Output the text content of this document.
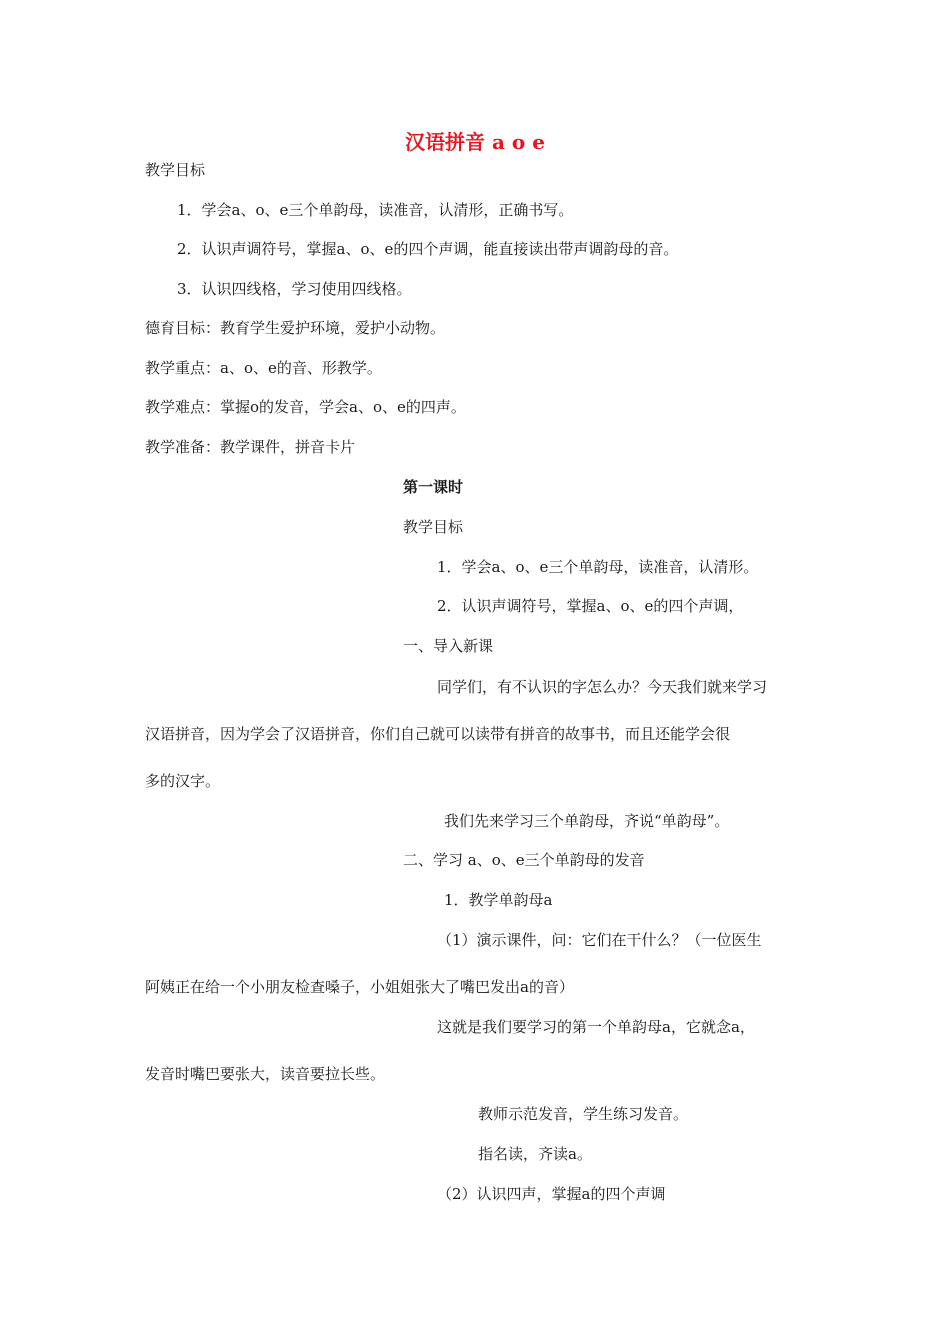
汉语拼音 a o e
教学目标
1．学会a、o、e三个单韵母，读准音，认清形，正确书写。
2．认识声调符号，掌握a、o、e的四个声调，能直接读出带声调韵母的音。
3．认识四线格，学习使用四线格。
德育目标：教育学生爱护环境，爱护小动物。
教学重点：a、o、e的音、形教学。
教学难点：掌握o的发音，学会a、o、e的四声。
教学准备：教学课件，拼音卡片
第一课时
教学目标
1．学会a、o、e三个单韵母，读准音，认清形。
2．认识声调符号，掌握a、o、e的四个声调，
一、导入新课
同学们，有不认识的字怎么办？今天我们就来学习
汉语拼音，因为学会了汉语拼音，你们自己就可以读带有拼音的故事书，而且还能学会很
多的汉字。
我们先来学习三个单韵母，齐说“单韵母”。
二、学习 a、o、e三个单韵母的发音
1．教学单韵母a
（1）演示课件，问：它们在干什么？（一位医生
阿姨正在给一个小朋友检查嗓子，小姐姐张大了嘴巴发出a的音）
这就是我们要学习的第一个单韵母a，它就念a，
发音时嘴巴要张大，读音要拉长些。
教师示范发音，学生练习发音。
指名读，齐读a。
（2）认识四声，掌握a的四个声调
